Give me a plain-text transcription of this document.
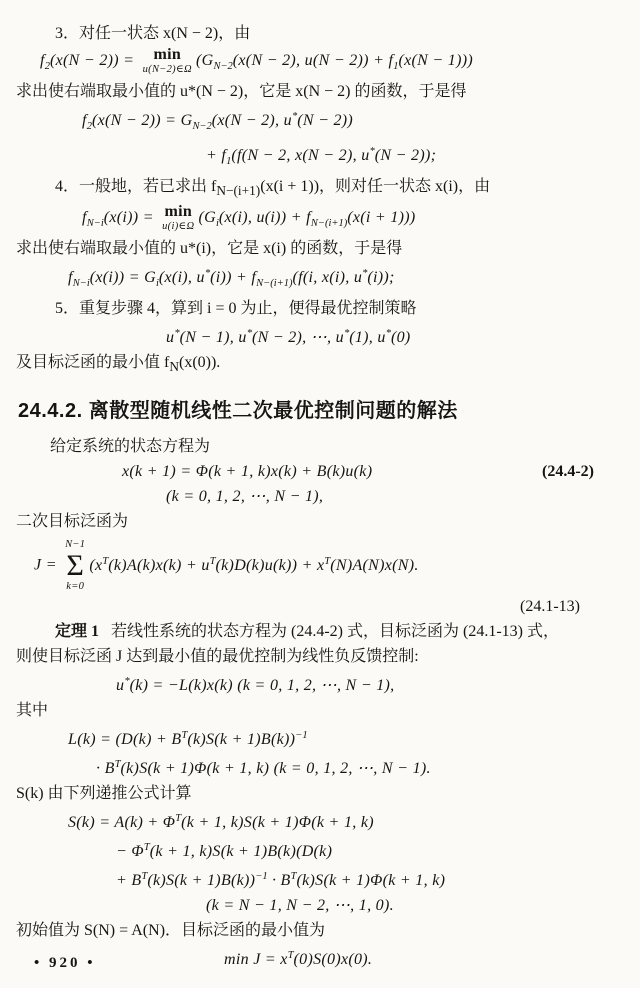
3．对任一状态 x(N − 2)，由
$f_2(x(N - 2)) = \min$
u(N−2)∈Ω
($G_{N-2}(x(N - 2)$, $u(N - 2)) + f_1(x(N - 1))$)
求出使右端取最小值的 u*(N − 2)，它是 x(N − 2) 的函数，于是得
$f_2(x(N - 2)) = G_{N-2}(x(N - 2)$, u*(N − 2))
+ $f_1(f(N - 2$, x(N − 2), u*(N − 2));
4．一般地，若已求出 $f_{N-(i+1)}(x(i + 1))$，则对任一状态 x(i)，由
$f_{N-i}(x(i)) = \min$
u(i)∈Ω
($G_i(x(i)$, $u(i)) + f_{N-(i+1)}(x(i + 1))$)
求出使右端取最小值的 u*(i)，它是 x(i) 的函数，于是得
$f_{N-i}(x(i)) = G_i(x(i)$, $u^*(i)) + f_{N-(i+1)}(f(i$, x(i), u*(i));
5．重复步骤 4，算到 i = 0 为止，便得最优控制策略
u*(N − 1), u*(N − 2), ⋯, u*(1), u*(0)
及目标泛函的最小值 $f_N(x(0))$.
24.4.2. 离散型随机线性二次最优控制问题的解法
给定系统的状态方程为
x(k + 1) = Φ(k + 1, k)x(k) + B(k)u(k)	(24.4-2)
(k = 0, 1, 2, ⋯, N − 1),
二次目标泛函为
J =
N−1
Σ
k=0
$(x^T(k)A(k)x(k) + u^T(k)D(k)u(k)) + x^T(N)A(N)x(N)$.
(24.1-13)
定理 1 若线性系统的状态方程为 (24.4-2) 式，目标泛函为 (24.1-13) 式，
则使目标泛函 J 达到最小值的最优控制为线性负反馈控制:
u*(k) = −L(k)x(k) (k = 0, 1, 2, ⋯, N − 1),
其中
$L(k) = (D(k) + B^T(k)S(k + 1)B(k))^{-1}$
· $B^T(k)S(k + 1)\Phi(k + 1$, k) (k = 0, 1, 2, ⋯, N − 1).
S(k) 由下列递推公式计算
$S(k) = A(k) + \Phi^T(k + 1$, k)S(k + 1)Φ(k + 1, k)
− $\Phi^T(k + 1$, k)S(k + 1)B(k)(D(k)
+ $B^T(k)S(k + 1)B(k))^{-1} \cdot B^T(k)S(k + 1)\Phi(k + 1$, k)
(k = N − 1, N − 2, ⋯, 1, 0).
初始值为 S(N) = A(N)．目标泛函的最小值为
$\min J = x^T(0)S(0)x(0)$.
• 920 •
